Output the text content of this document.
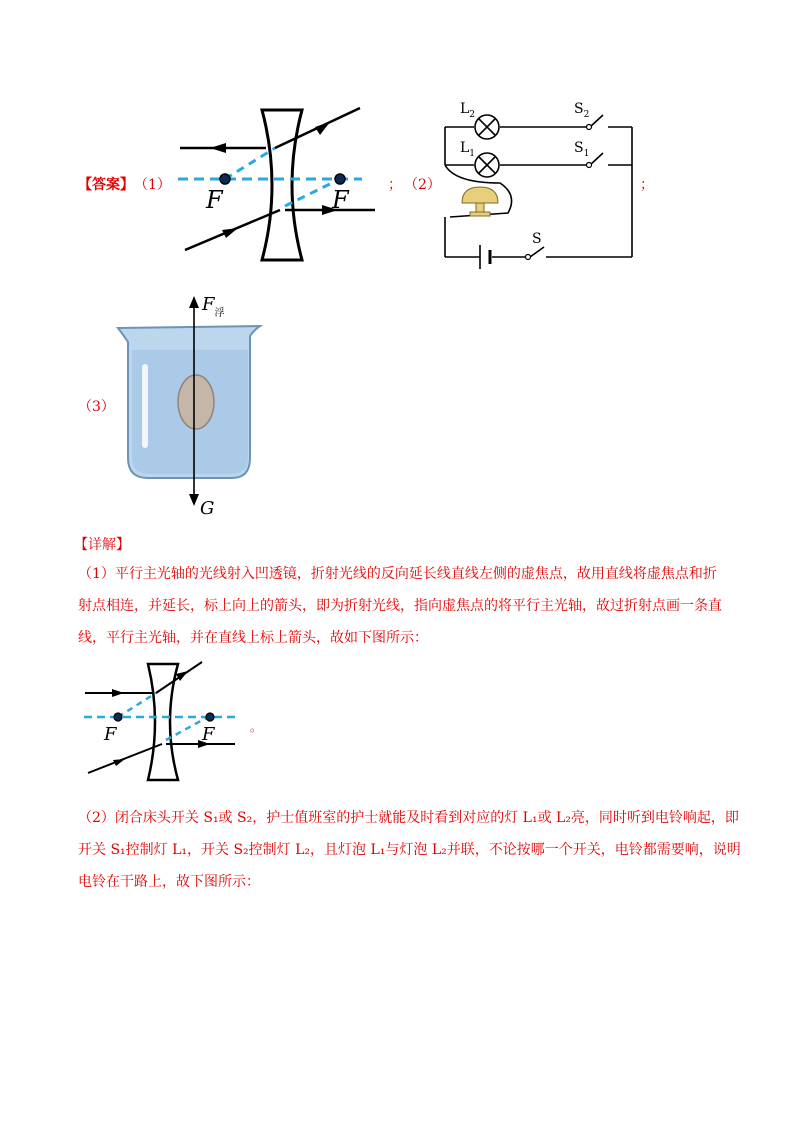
【答案】 （1）
F	F
； （2）
$L_2$
$L_1$
$S_2$
$S_1$
S
；
（3）
$F_浮$
G
【详解】
（1）平行主光轴的光线射入凹透镜，折射光线的反向延长线直线左侧的虚焦点，故用直线将虚焦点和折
射点相连，并延长，标上向上的箭头，即为折射光线，指向虚焦点的将平行主光轴，故过折射点画一条直
线，平行主光轴，并在直线上标上箭头，故如下图所示：
F	F	。
（2）闭合床头开关 S₁或 S₂，护士值班室的护士就能及时看到对应的灯 L₁或 L₂亮，同时听到电铃响起，即
开关 S₁控制灯 L₁，开关 S₂控制灯 L₂，且灯泡 L₁与灯泡 L₂并联，不论按哪一个开关，电铃都需要响，说明
电铃在干路上，故下图所示：
